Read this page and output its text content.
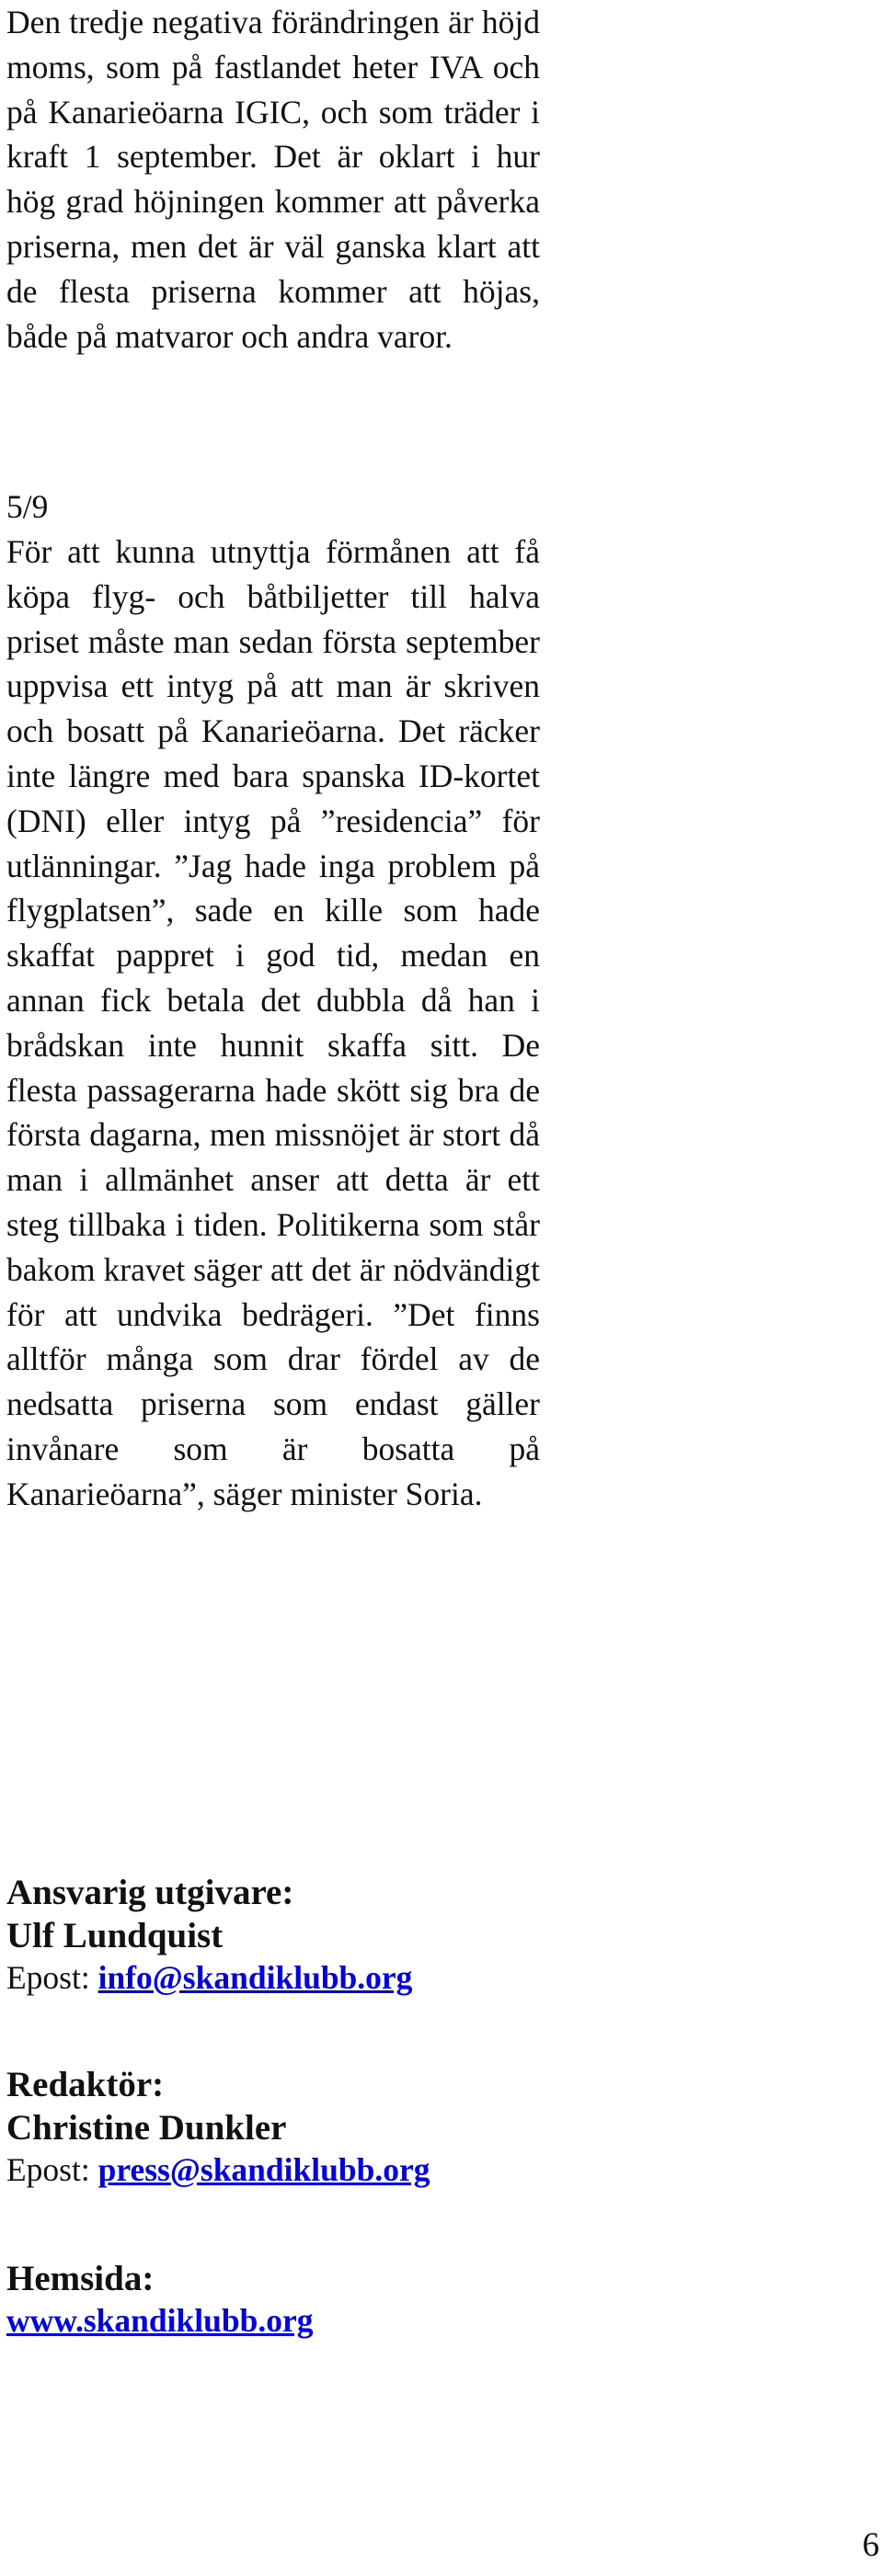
Den tredje negativa förändringen är höjd moms, som på fastlandet heter IVA och på Kanarieöarna IGIC, och som träder i kraft 1 september. Det är oklart i hur hög grad höjningen kommer att påverka priserna, men det är väl ganska klart att de flesta priserna kommer att höjas, både på matvaror och andra varor.

5/9

För att kunna utnyttja förmånen att få köpa flyg- och båtbiljetter till halva priset måste man sedan första september uppvisa ett intyg på att man är skriven och bosatt på Kanarieöarna. Det räcker inte längre med bara spanska ID-kortet (DNI) eller intyg på ”residencia” för utlänningar. ”Jag hade inga problem på flygplatsen”, sade en kille som hade skaffat pappret i god tid, medan en annan fick betala det dubbla då han i brådskan inte hunnit skaffa sitt. De flesta passagerarna hade skött sig bra de första dagarna, men missnöjet är stort då man i allmänhet anser att detta är ett steg tillbaka i tiden. Politikerna som står bakom kravet säger att det är nödvändigt för att undvika bedrägeri. ”Det finns alltför många som drar fördel av de nedsatta priserna som endast gäller invånare som är bosatta på Kanarieöarna”, säger minister Soria.

Ansvarig utgivare:

Ulf Lundquist

Epost: info@skandiklubb.org

Redaktör:

Christine Dunkler

Epost: press@skandiklubb.org

Hemsida:

www.skandiklubb.org

6
